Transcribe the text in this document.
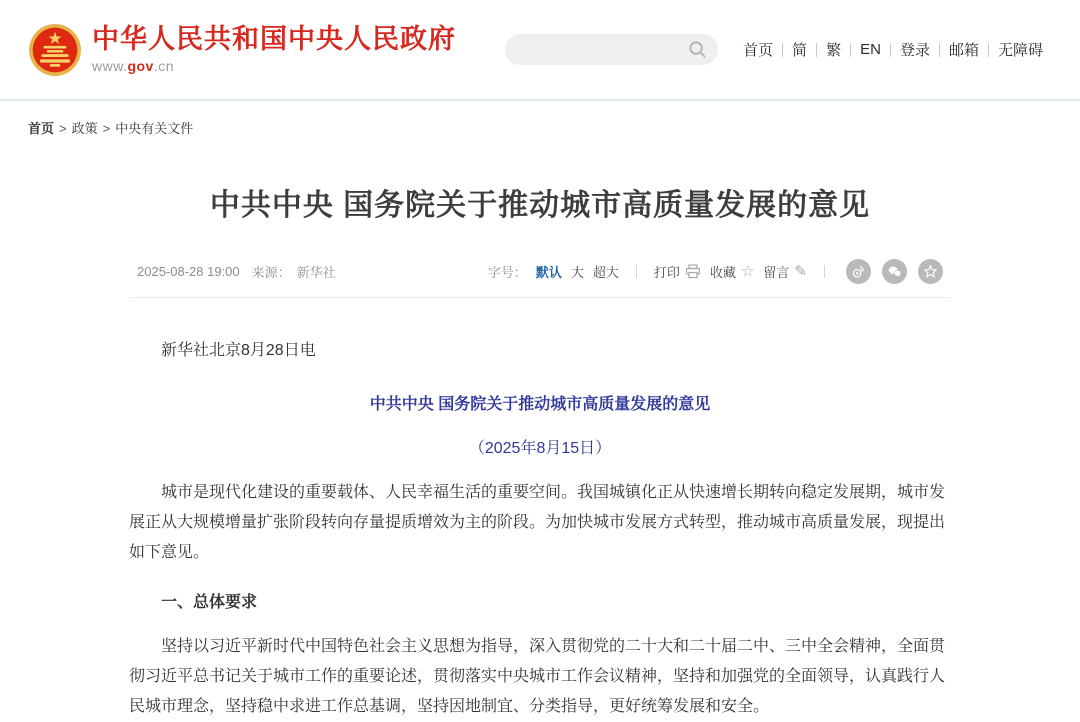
中华人民共和国中央人民政府
www.gov.cn
首页	简	繁	EN	登录	邮箱	无障碍
首页 > 政策 > 中央有关文件
中共中央 国务院关于推动城市高质量发展的意见
2025-08-28 19:00 来源： 新华社	字号： 默认 大 超大	打印 收藏 ☆ 留言 ✎

新华社北京8月28日电

中共中央 国务院关于推动城市高质量发展的意见

（2025年8月15日）

城市是现代化建设的重要载体、人民幸福生活的重要空间。我国城镇化正从快速增长期转向稳定发展期，城市发展正从大规模增量扩张阶段转向存量提质增效为主的阶段。为加快城市发展方式转型，推动城市高质量发展，现提出如下意见。

一、总体要求

坚持以习近平新时代中国特色社会主义思想为指导，深入贯彻党的二十大和二十届二中、三中全会精神，全面贯彻习近平总书记关于城市工作的重要论述，贯彻落实中央城市工作会议精神，坚持和加强党的全面领导，认真践行人民城市理念，坚持稳中求进工作总基调，坚持因地制宜、分类指导，更好统筹发展和安全。
